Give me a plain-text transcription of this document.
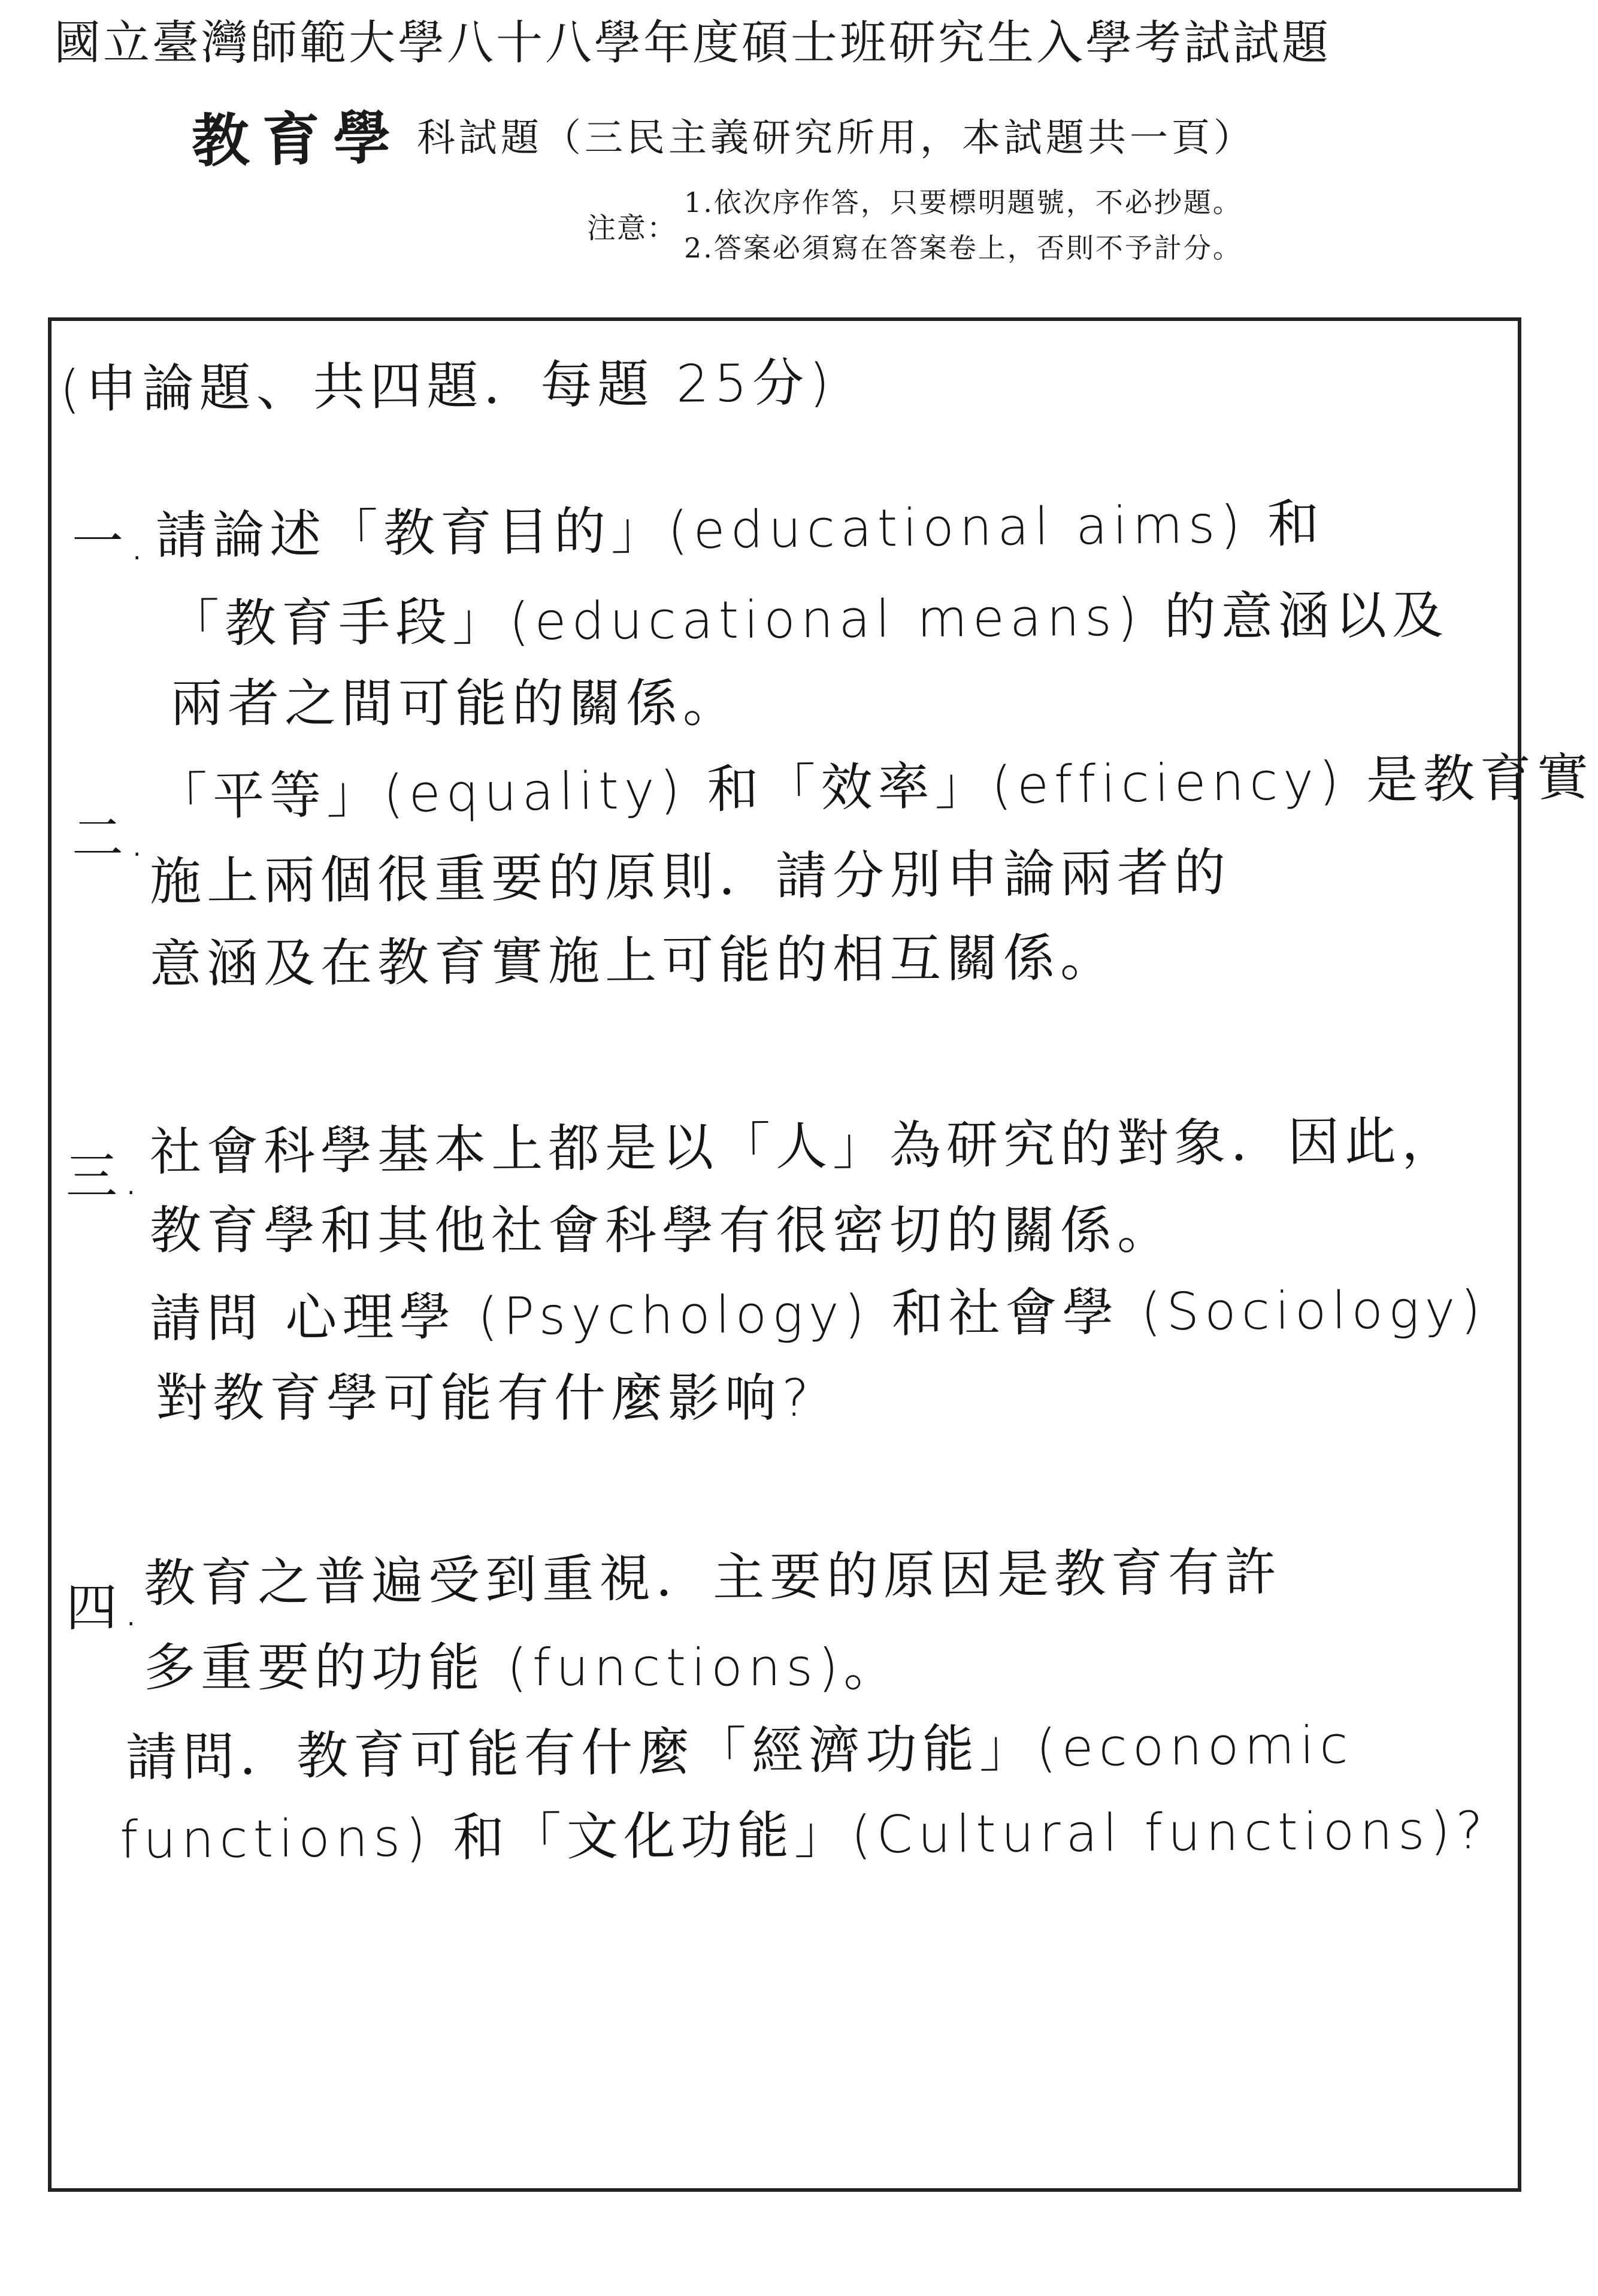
國立臺灣師範大學八十八學年度碩士班研究生入學考試試題
教育學 科試題（三民主義研究所用，本試題共一頁）
注意：
1.依次序作答，只要標明題號，不必抄題。
2.答案必須寫在答案卷上，否則不予計分。
(申論題、共四題．每題 25分)
一. 請論述「教育目的」(educational aims) 和
「教育手段」(educational means) 的意涵以及
兩者之間可能的關係。
二.
「平等」(equality) 和「效率」(efficiency) 是教育實
施上兩個很重要的原則．請分別申論兩者的
意涵及在教育實施上可能的相互關係。
三. 社會科學基本上都是以「人」為研究的對象．因此，
教育學和其他社會科學有很密切的關係。
請問 心理學 (Psychology) 和社會學 (Sociology)
對教育學可能有什麼影响?
四.
教育之普遍受到重視．主要的原因是教育有許
多重要的功能 (functions)。
請問．教育可能有什麼「經濟功能」(economic
functions) 和「文化功能」(Cultural functions)?
